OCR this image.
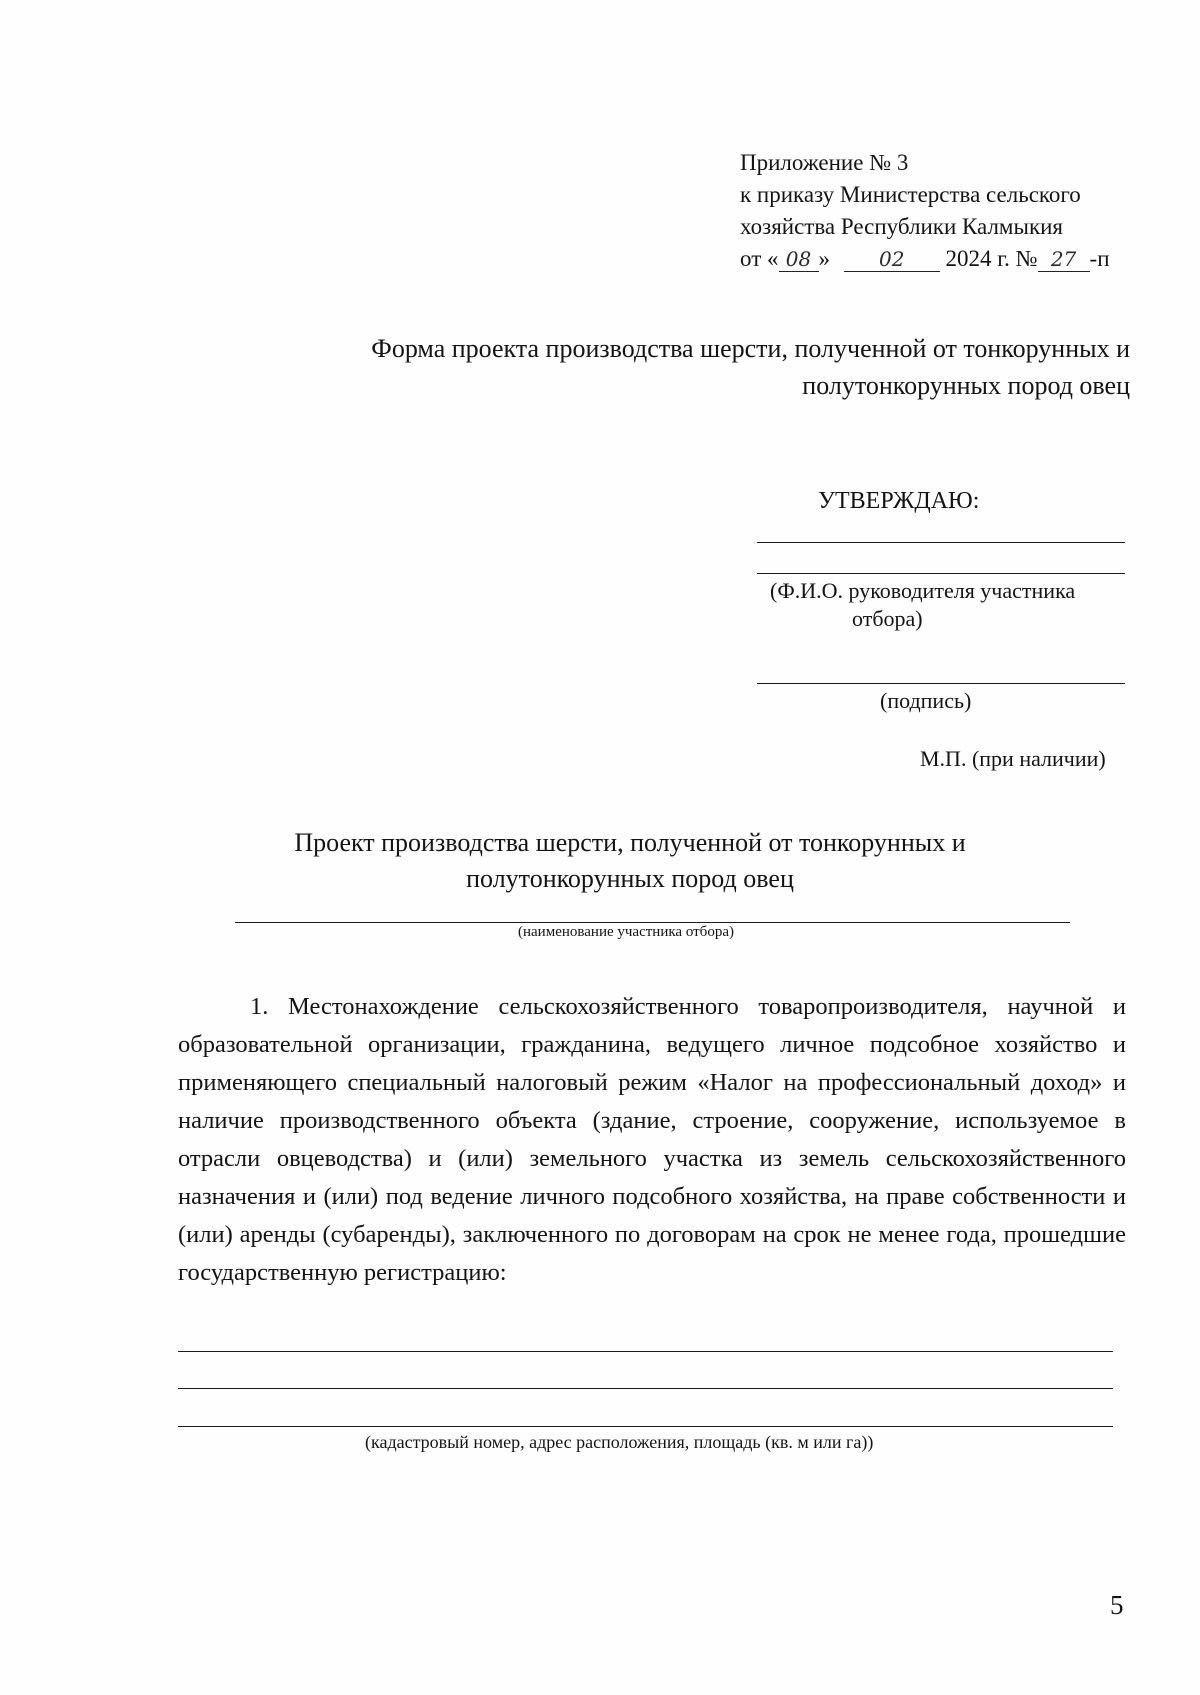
Приложение № 3
к приказу Министерства сельского
хозяйства Республики Калмыкия
от « 08 » 02 2024 г. № 27 -п
Форма проекта производства шерсти, полученной от тонкорунных и
полутонкорунных пород овец
УТВЕРЖДАЮ:
(Ф.И.О. руководителя участника
отбора)
(подпись)
М.П. (при наличии)
Проект производства шерсти, полученной от тонкорунных и
полутонкорунных пород овец
(наименование участника отбора)
1. Местонахождение сельскохозяйственного товаропроизводителя, научной и образовательной организации, гражданина, ведущего личное подсобное хозяйство и применяющего специальный налоговый режим «Налог на профессиональный доход» и наличие производственного объекта (здание, строение, сооружение, используемое в отрасли овцеводства) и (или) земельного участка из земель сельскохозяйственного назначения и (или) под ведение личного подсобного хозяйства, на праве собственности и (или) аренды (субаренды), заключенного по договорам на срок не менее года, прошедшие государственную регистрацию:
(кадастровый номер, адрес расположения, площадь (кв. м или га))
5
